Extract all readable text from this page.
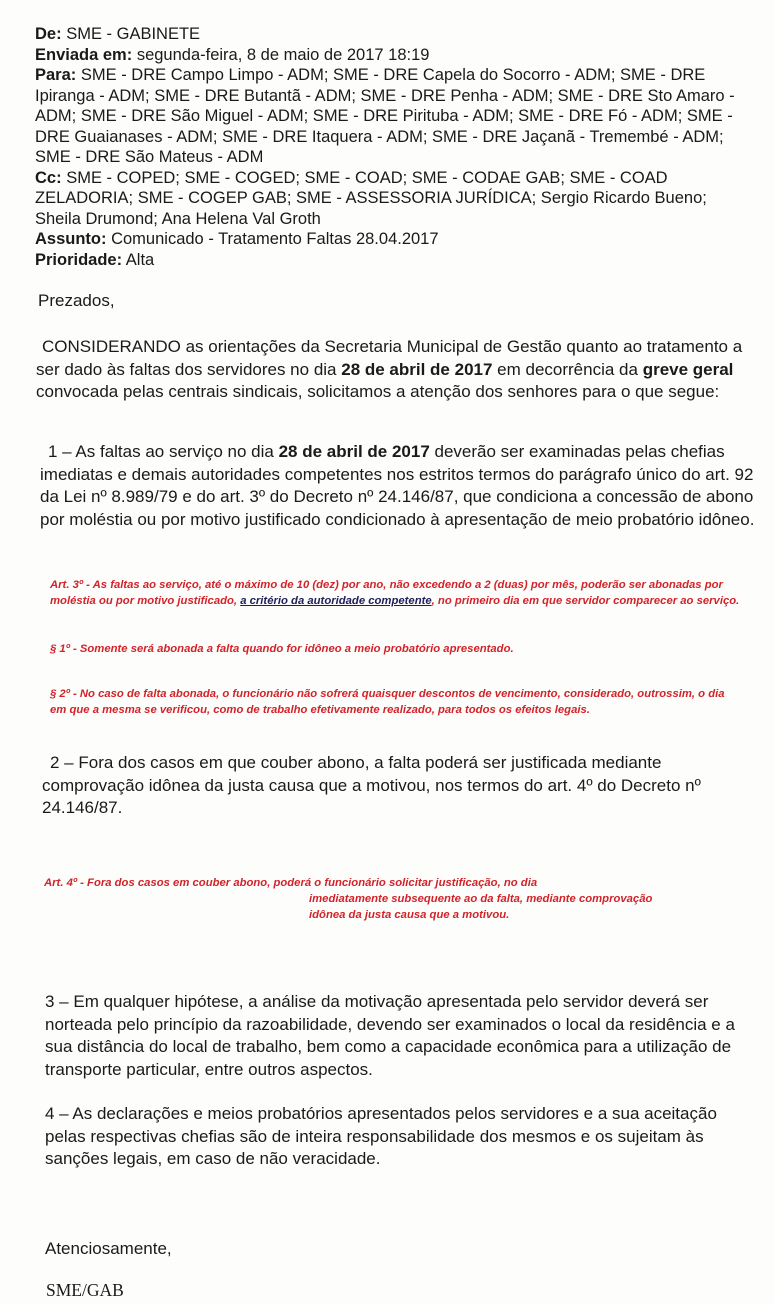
De: SME - GABINETE

Enviada em: segunda-feira, 8 de maio de 2017 18:19

Para: SME - DRE Campo Limpo - ADM; SME - DRE Capela do Socorro - ADM; SME - DRE Ipiranga - ADM; SME - DRE Butantã - ADM; SME - DRE Penha - ADM; SME - DRE Sto Amaro - ADM; SME - DRE São Miguel - ADM; SME - DRE Pirituba - ADM; SME - DRE Fó - ADM; SME - DRE Guaianases - ADM; SME - DRE Itaquera - ADM; SME - DRE Jaçanã - Tremembé - ADM; SME - DRE São Mateus - ADM

Cc: SME - COPED; SME - COGED; SME - COAD; SME - CODAE GAB; SME - COAD ZELADORIA; SME - COGEP GAB; SME - ASSESSORIA JURÍDICA; Sergio Ricardo Bueno; Sheila Drumond; Ana Helena Val Groth

Assunto: Comunicado - Tratamento Faltas 28.04.2017

Prioridade: Alta

Prezados,

CONSIDERANDO as orientações da Secretaria Municipal de Gestão quanto ao tratamento a ser dado às faltas dos servidores no dia 28 de abril de 2017 em decorrência da greve geral convocada pelas centrais sindicais, solicitamos a atenção dos senhores para o que segue:

1 – As faltas ao serviço no dia 28 de abril de 2017 deverão ser examinadas pelas chefias imediatas e demais autoridades competentes nos estritos termos do parágrafo único do art. 92 da Lei nº 8.989/79 e do art. 3º do Decreto nº 24.146/87, que condiciona a concessão de abono por moléstia ou por motivo justificado condicionado à apresentação de meio probatório idôneo.

Art. 3º - As faltas ao serviço, até o máximo de 10 (dez) por ano, não excedendo a 2 (duas) por mês, poderão ser abonadas por moléstia ou por motivo justificado, a critério da autoridade competente, no primeiro dia em que servidor comparecer ao serviço.

§ 1º - Somente será abonada a falta quando for idôneo a meio probatório apresentado.

§ 2º - No caso de falta abonada, o funcionário não sofrerá quaisquer descontos de vencimento, considerado, outrossim, o dia em que a mesma se verificou, como de trabalho efetivamente realizado, para todos os efeitos legais.

2 – Fora dos casos em que couber abono, a falta poderá ser justificada mediante comprovação idônea da justa causa que a motivou, nos termos do art. 4º do Decreto nº 24.146/87.

Art. 4º - Fora dos casos em couber abono, poderá o funcionário solicitar justificação, no dia

imediatamente subsequente ao da falta, mediante comprovação

idônea da justa causa que a motivou.

3 – Em qualquer hipótese, a análise da motivação apresentada pelo servidor deverá ser norteada pelo princípio da razoabilidade, devendo ser examinados o local da residência e a sua distância do local de trabalho, bem como a capacidade econômica para a utilização de transporte particular, entre outros aspectos.

4 – As declarações e meios probatórios apresentados pelos servidores e a sua aceitação pelas respectivas chefias são de inteira responsabilidade dos mesmos e os sujeitam às sanções legais, em caso de não veracidade.

Atenciosamente,

SME/GAB
